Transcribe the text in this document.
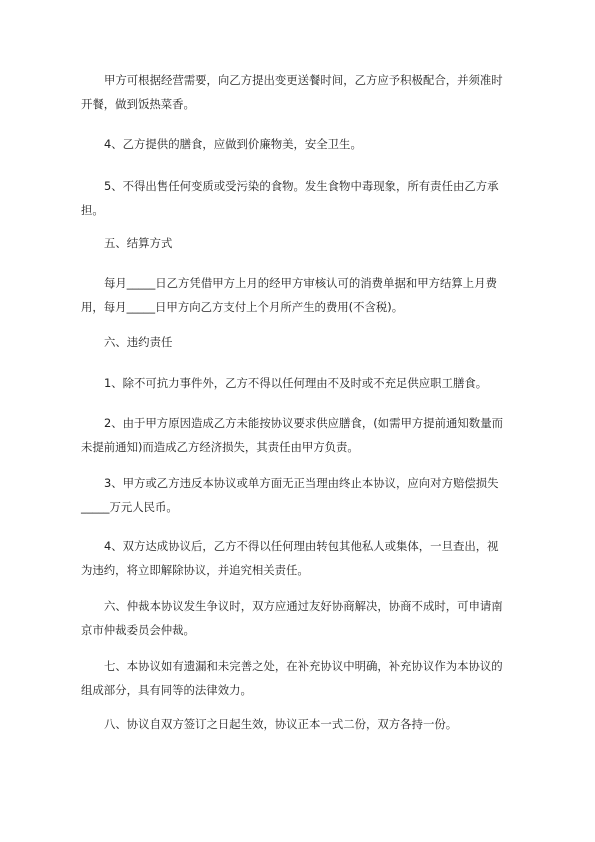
甲方可根据经营需要，向乙方提出变更送餐时间，乙方应予积极配合，并须准时
开餐，做到饭热菜香。

4、乙方提供的膳食，应做到价廉物美，安全卫生。

5、不得出售任何变质或受污染的食物。发生食物中毒现象，所有责任由乙方承
担。

五、结算方式

每月_____日乙方凭借甲方上月的经甲方审核认可的消费单据和甲方结算上月费
用，每月_____日甲方向乙方支付上个月所产生的费用(不含税)。

六、违约责任

1、除不可抗力事件外，乙方不得以任何理由不及时或不充足供应职工膳食。

2、由于甲方原因造成乙方未能按协议要求供应膳食，(如需甲方提前通知数量而
未提前通知)而造成乙方经济损失，其责任由甲方负责。

3、甲方或乙方违反本协议或单方面无正当理由终止本协议，应向对方赔偿损失
_____万元人民币。

4、双方达成协议后，乙方不得以任何理由转包其他私人或集体，一旦查出，视
为违约，将立即解除协议，并追究相关责任。

六、仲裁本协议发生争议时，双方应通过友好协商解决，协商不成时，可申请南
京市仲裁委员会仲裁。

七、本协议如有遗漏和未完善之处，在补充协议中明确，补充协议作为本协议的
组成部分，具有同等的法律效力。

八、协议自双方签订之日起生效，协议正本一式二份，双方各持一份。
